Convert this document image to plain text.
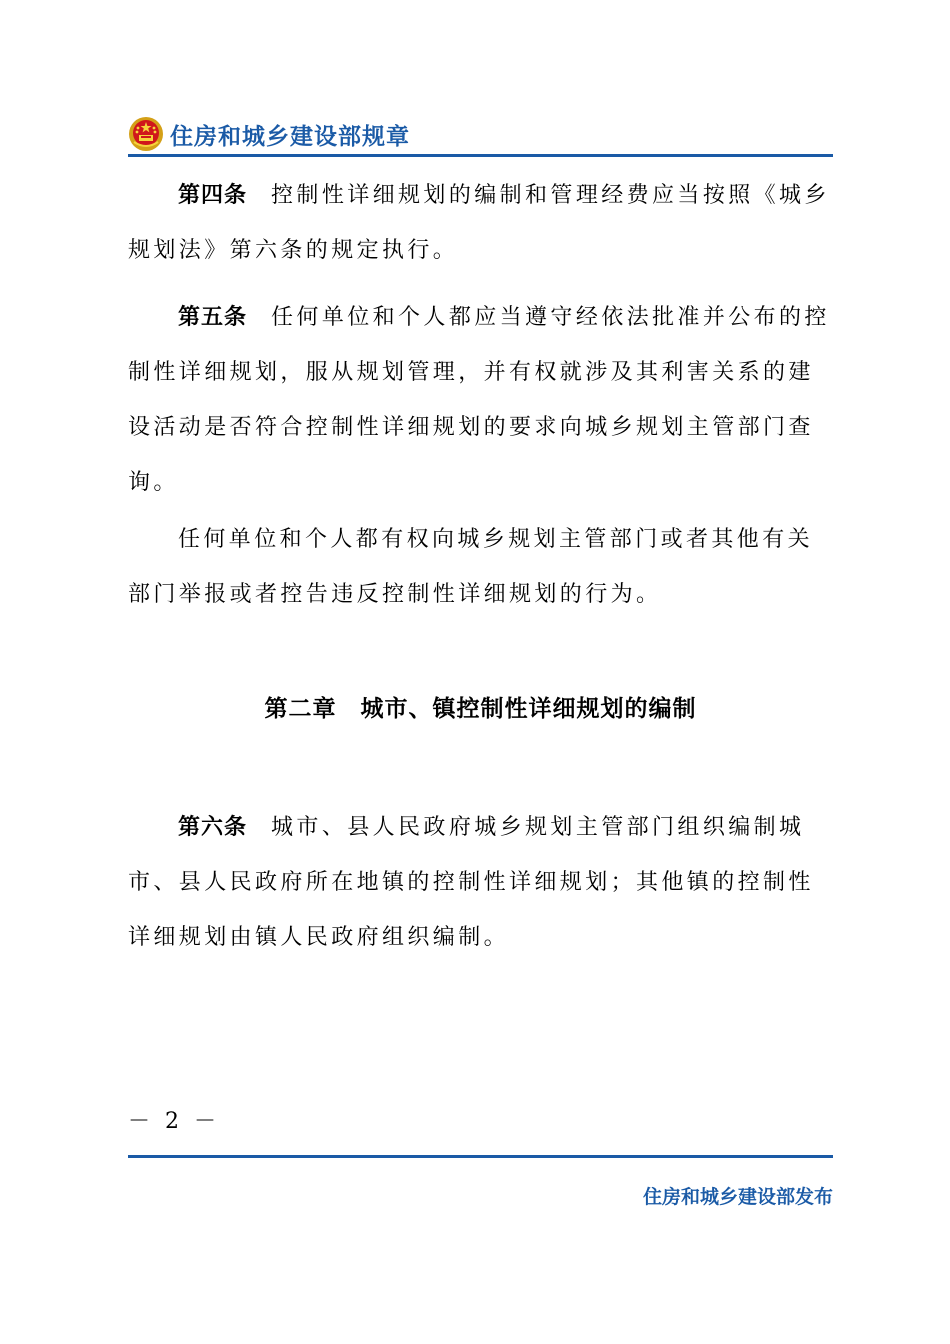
住房和城乡建设部规章

第四条 控制性详细规划的编制和管理经费应当按照《城乡规划法》第六条的规定执行。

第五条 任何单位和个人都应当遵守经依法批准并公布的控制性详细规划，服从规划管理，并有权就涉及其利害关系的建设活动是否符合控制性详细规划的要求向城乡规划主管部门查询。

任何单位和个人都有权向城乡规划主管部门或者其他有关部门举报或者控告违反控制性详细规划的行为。

第二章 城市、镇控制性详细规划的编制

第六条 城市、县人民政府城乡规划主管部门组织编制城市、县人民政府所在地镇的控制性详细规划；其他镇的控制性详细规划由镇人民政府组织编制。

－ 2 －
住房和城乡建设部发布
